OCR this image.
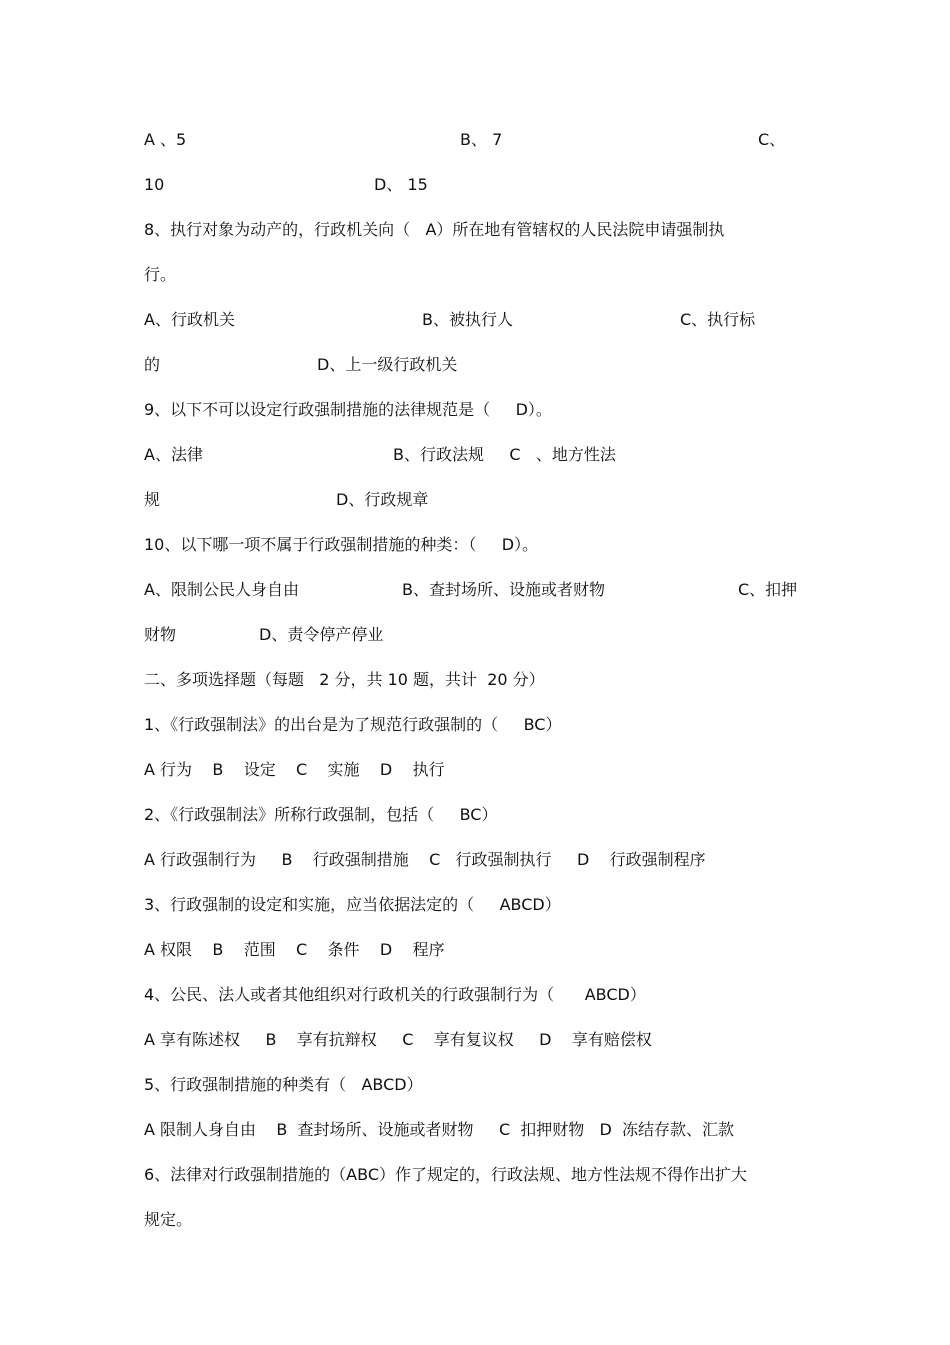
A 、5	B、 7	C、
10	D、 15
8、执行对象为动产的，行政机关向（   A）所在地有管辖权的人民法院申请强制执
行。
A、行政机关	B、被执行人	C、执行标
的	D、上一级行政机关
9、以下不可以设定行政强制措施的法律规范是（     D）。
A、法律	B、行政法规     C   、地方性法
规	D、行政规章
10、以下哪一项不属于行政强制措施的种类：（     D）。
A、限制公民人身自由	B、查封场所、设施或者财物	C、扣押
财物	D、责令停产停业
二、多项选择题（每题   2 分，共 10 题，共计  20 分）
1、《行政强制法》的出台是为了规范行政强制的（     BC）
A 行为    B    设定    C    实施    D    执行
2、《行政强制法》所称行政强制，包括（     BC）
A 行政强制行为     B    行政强制措施    C   行政强制执行     D    行政强制程序
3、行政强制的设定和实施，应当依据法定的（     ABCD）
A 权限    B    范围    C    条件    D    程序
4、公民、法人或者其他组织对行政机关的行政强制行为（      ABCD）
A 享有陈述权     B    享有抗辩权     C    享有复议权     D    享有赔偿权
5、行政强制措施的种类有（   ABCD）
A 限制人身自由    B  查封场所、设施或者财物     C  扣押财物   D  冻结存款、汇款
6、法律对行政强制措施的（ABC）作了规定的，行政法规、地方性法规不得作出扩大
规定。
